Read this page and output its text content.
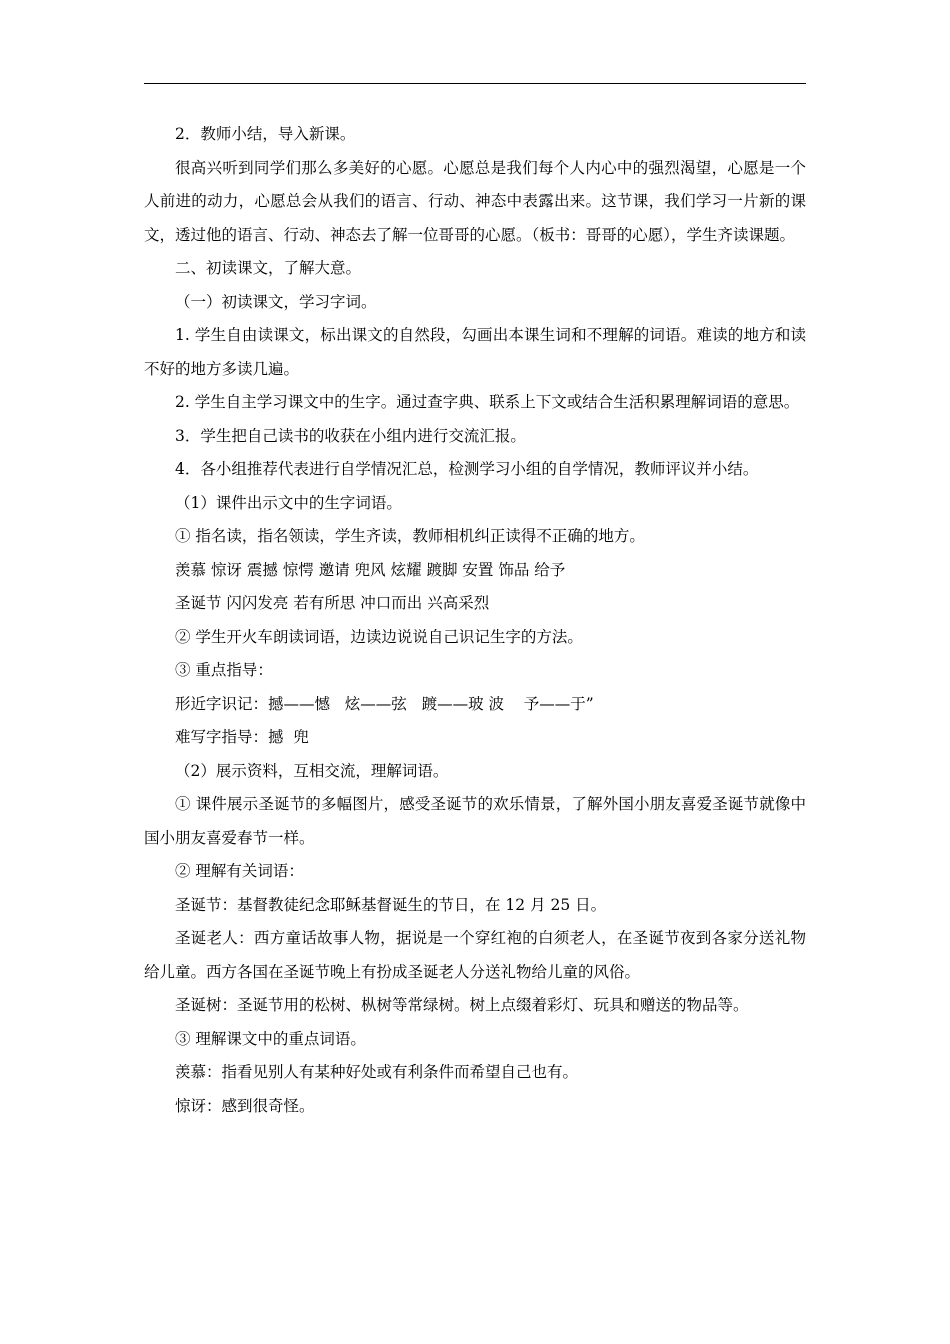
2．教师小结，导入新课。

很高兴听到同学们那么多美好的心愿。心愿总是我们每个人内心中的强烈渴望，心愿是一个人前进的动力，心愿总会从我们的语言、行动、神态中表露出来。这节课，我们学习一片新的课文，透过他的语言、行动、神态去了解一位哥哥的心愿。（板书：哥哥的心愿），学生齐读课题。

二、初读课文，了解大意。

（一）初读课文，学习字词。

1. 学生自由读课文，标出课文的自然段，勾画出本课生词和不理解的词语。难读的地方和读不好的地方多读几遍。

2. 学生自主学习课文中的生字。通过查字典、联系上下文或结合生活积累理解词语的意思。

3．学生把自己读书的收获在小组内进行交流汇报。

4．各小组推荐代表进行自学情况汇总，检测学习小组的自学情况，教师评议并小结。

（1）课件出示文中的生字词语。

① 指名读，指名领读，学生齐读，教师相机纠正读得不正确的地方。

羡慕 惊讶 震撼 惊愕 邀请 兜风 炫耀 踱脚 安置 饰品 给予

圣诞节 闪闪发亮 若有所思 冲口而出 兴高采烈

② 学生开火车朗读词语，边读边说说自己识记生字的方法。

③ 重点指导：

形近字识记：撼——憾   炫——弦   踱——玻 波    予——于”

难写字指导：撼  兜

（2）展示资料，互相交流，理解词语。

① 课件展示圣诞节的多幅图片，感受圣诞节的欢乐情景，了解外国小朋友喜爱圣诞节就像中国小朋友喜爱春节一样。

② 理解有关词语：

圣诞节：基督教徒纪念耶稣基督诞生的节日，在 12 月 25 日。

圣诞老人：西方童话故事人物，据说是一个穿红袍的白须老人，在圣诞节夜到各家分送礼物给儿童。西方各国在圣诞节晚上有扮成圣诞老人分送礼物给儿童的风俗。

圣诞树：圣诞节用的松树、枞树等常绿树。树上点缀着彩灯、玩具和赠送的物品等。

③ 理解课文中的重点词语。

羡慕：指看见别人有某种好处或有利条件而希望自己也有。

惊讶：感到很奇怪。
